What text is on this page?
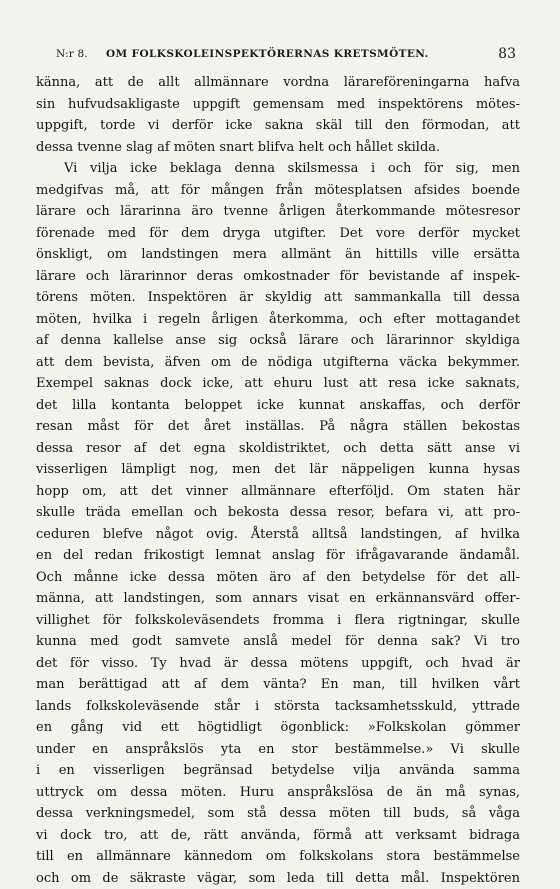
N:r 8. OM FOLKSKOLEINSPEKTÖRERNAS KRETSMÖTEN.	83
känna, att de allt allmännare vordna lärareföreningarna hafva
sin hufvudsakligaste uppgift gemensam med inspektörens mötes-
uppgift, torde vi derför icke sakna skäl till den förmodan, att
dessa tvenne slag af möten snart blifva helt och hållet skilda.
Vi vilja icke beklaga denna skilsmessa i och för sig, men
medgifvas må, att för mången från mötesplatsen afsides boende
lärare och lärarinna äro tvenne årligen återkommande mötesresor
förenade med för dem dryga utgifter. Det vore derför mycket
önskligt, om landstingen mera allmänt än hittills ville ersätta
lärare och lärarinnor deras omkostnader för bevistande af inspek-
törens möten. Inspektören är skyldig att sammankalla till dessa
möten, hvilka i regeln årligen återkomma, och efter mottagandet
af denna kallelse anse sig också lärare och lärarinnor skyldiga
att dem bevista, äfven om de nödiga utgifterna väcka bekymmer.
Exempel saknas dock icke, att ehuru lust att resa icke saknats,
det lilla kontanta beloppet icke kunnat anskaffas, och derför
resan måst för det året inställas. På några ställen bekostas
dessa resor af det egna skoldistriktet, och detta sätt anse vi
visserligen lämpligt nog, men det lär näppeligen kunna hysas
hopp om, att det vinner allmännare efterföljd. Om staten här
skulle träda emellan och bekosta dessa resor, befara vi, att pro-
ceduren blefve något ovig. Återstå alltså landstingen, af hvilka
en del redan frikostigt lemnat anslag för ifrågavarande ändamål.
Och månne icke dessa möten äro af den betydelse för det all-
männa, att landstingen, som annars visat en erkännansvärd offer-
villighet för folkskoleväsendets fromma i flera rigtningar, skulle
kunna med godt samvete anslå medel för denna sak? Vi tro
det för visso. Ty hvad är dessa mötens uppgift, och hvad är
man berättigad att af dem vänta? En man, till hvilken vårt
lands folkskoleväsende står i största tacksamhetsskuld, yttrade
en gång vid ett högtidligt ögonblick: »Folkskolan gömmer
under en anspråkslös yta en stor bestämmelse.» Vi skulle
i en visserligen begränsad betydelse vilja använda samma
uttryck om dessa möten. Huru anspråkslösa de än må synas,
dessa verkningsmedel, som stå dessa möten till buds, så våga
vi dock tro, att de, rätt använda, förmå att verksamt bidraga
till en allmännare kännedom om folkskolans stora bestämmelse
och om de säkraste vägar, som leda till detta mål. Inspektören
